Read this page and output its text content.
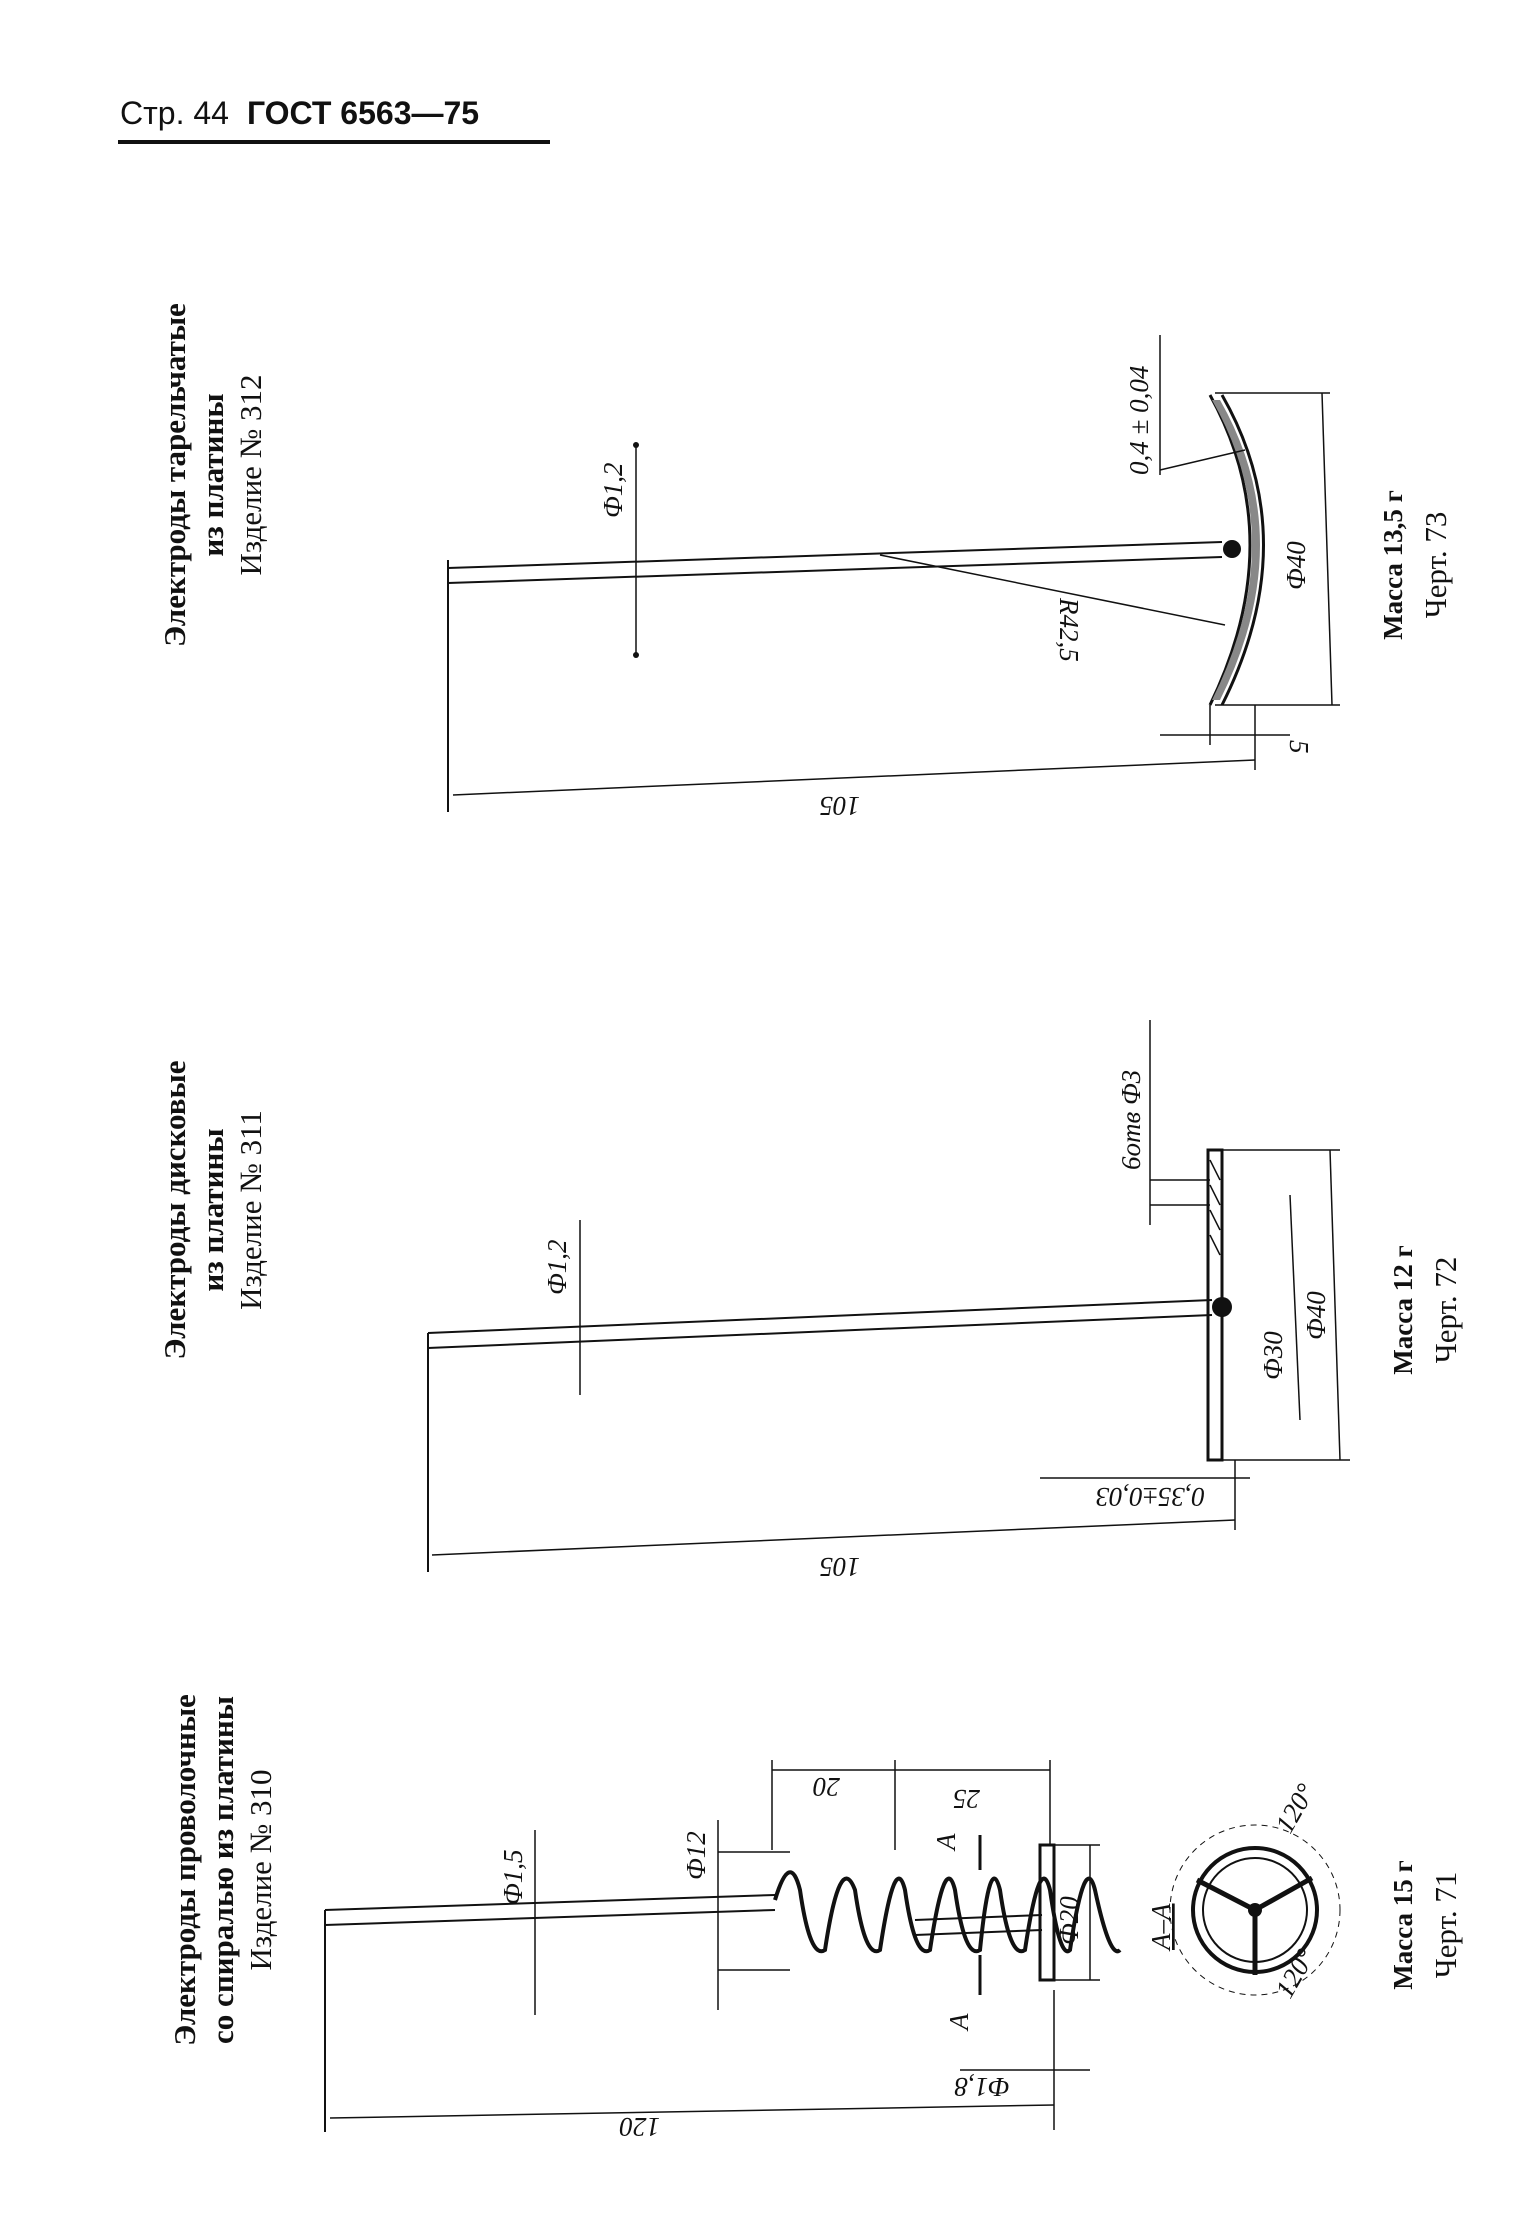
Стр. 44 ГОСТ 6563—75
Электроды тарельчатые из платины Изделие № 312	Ф1,2
0,4 ± 0,04
R42,5
Ф40
5
105
Масса 13,5 г Черт. 73
Электроды дисковые из платины Изделие № 311	Ф1,2
6отв Ф3
Ф30
Ф40
0,35±0,03
105
Масса 12 г Черт. 72
Электроды проволочные со спиралью из платины Изделие № 310	Ф1,5	Ф12
20	25
А
А
Ф20
Ф1,8
120
А–А
120°
120° Масса 15 г Черт. 71
